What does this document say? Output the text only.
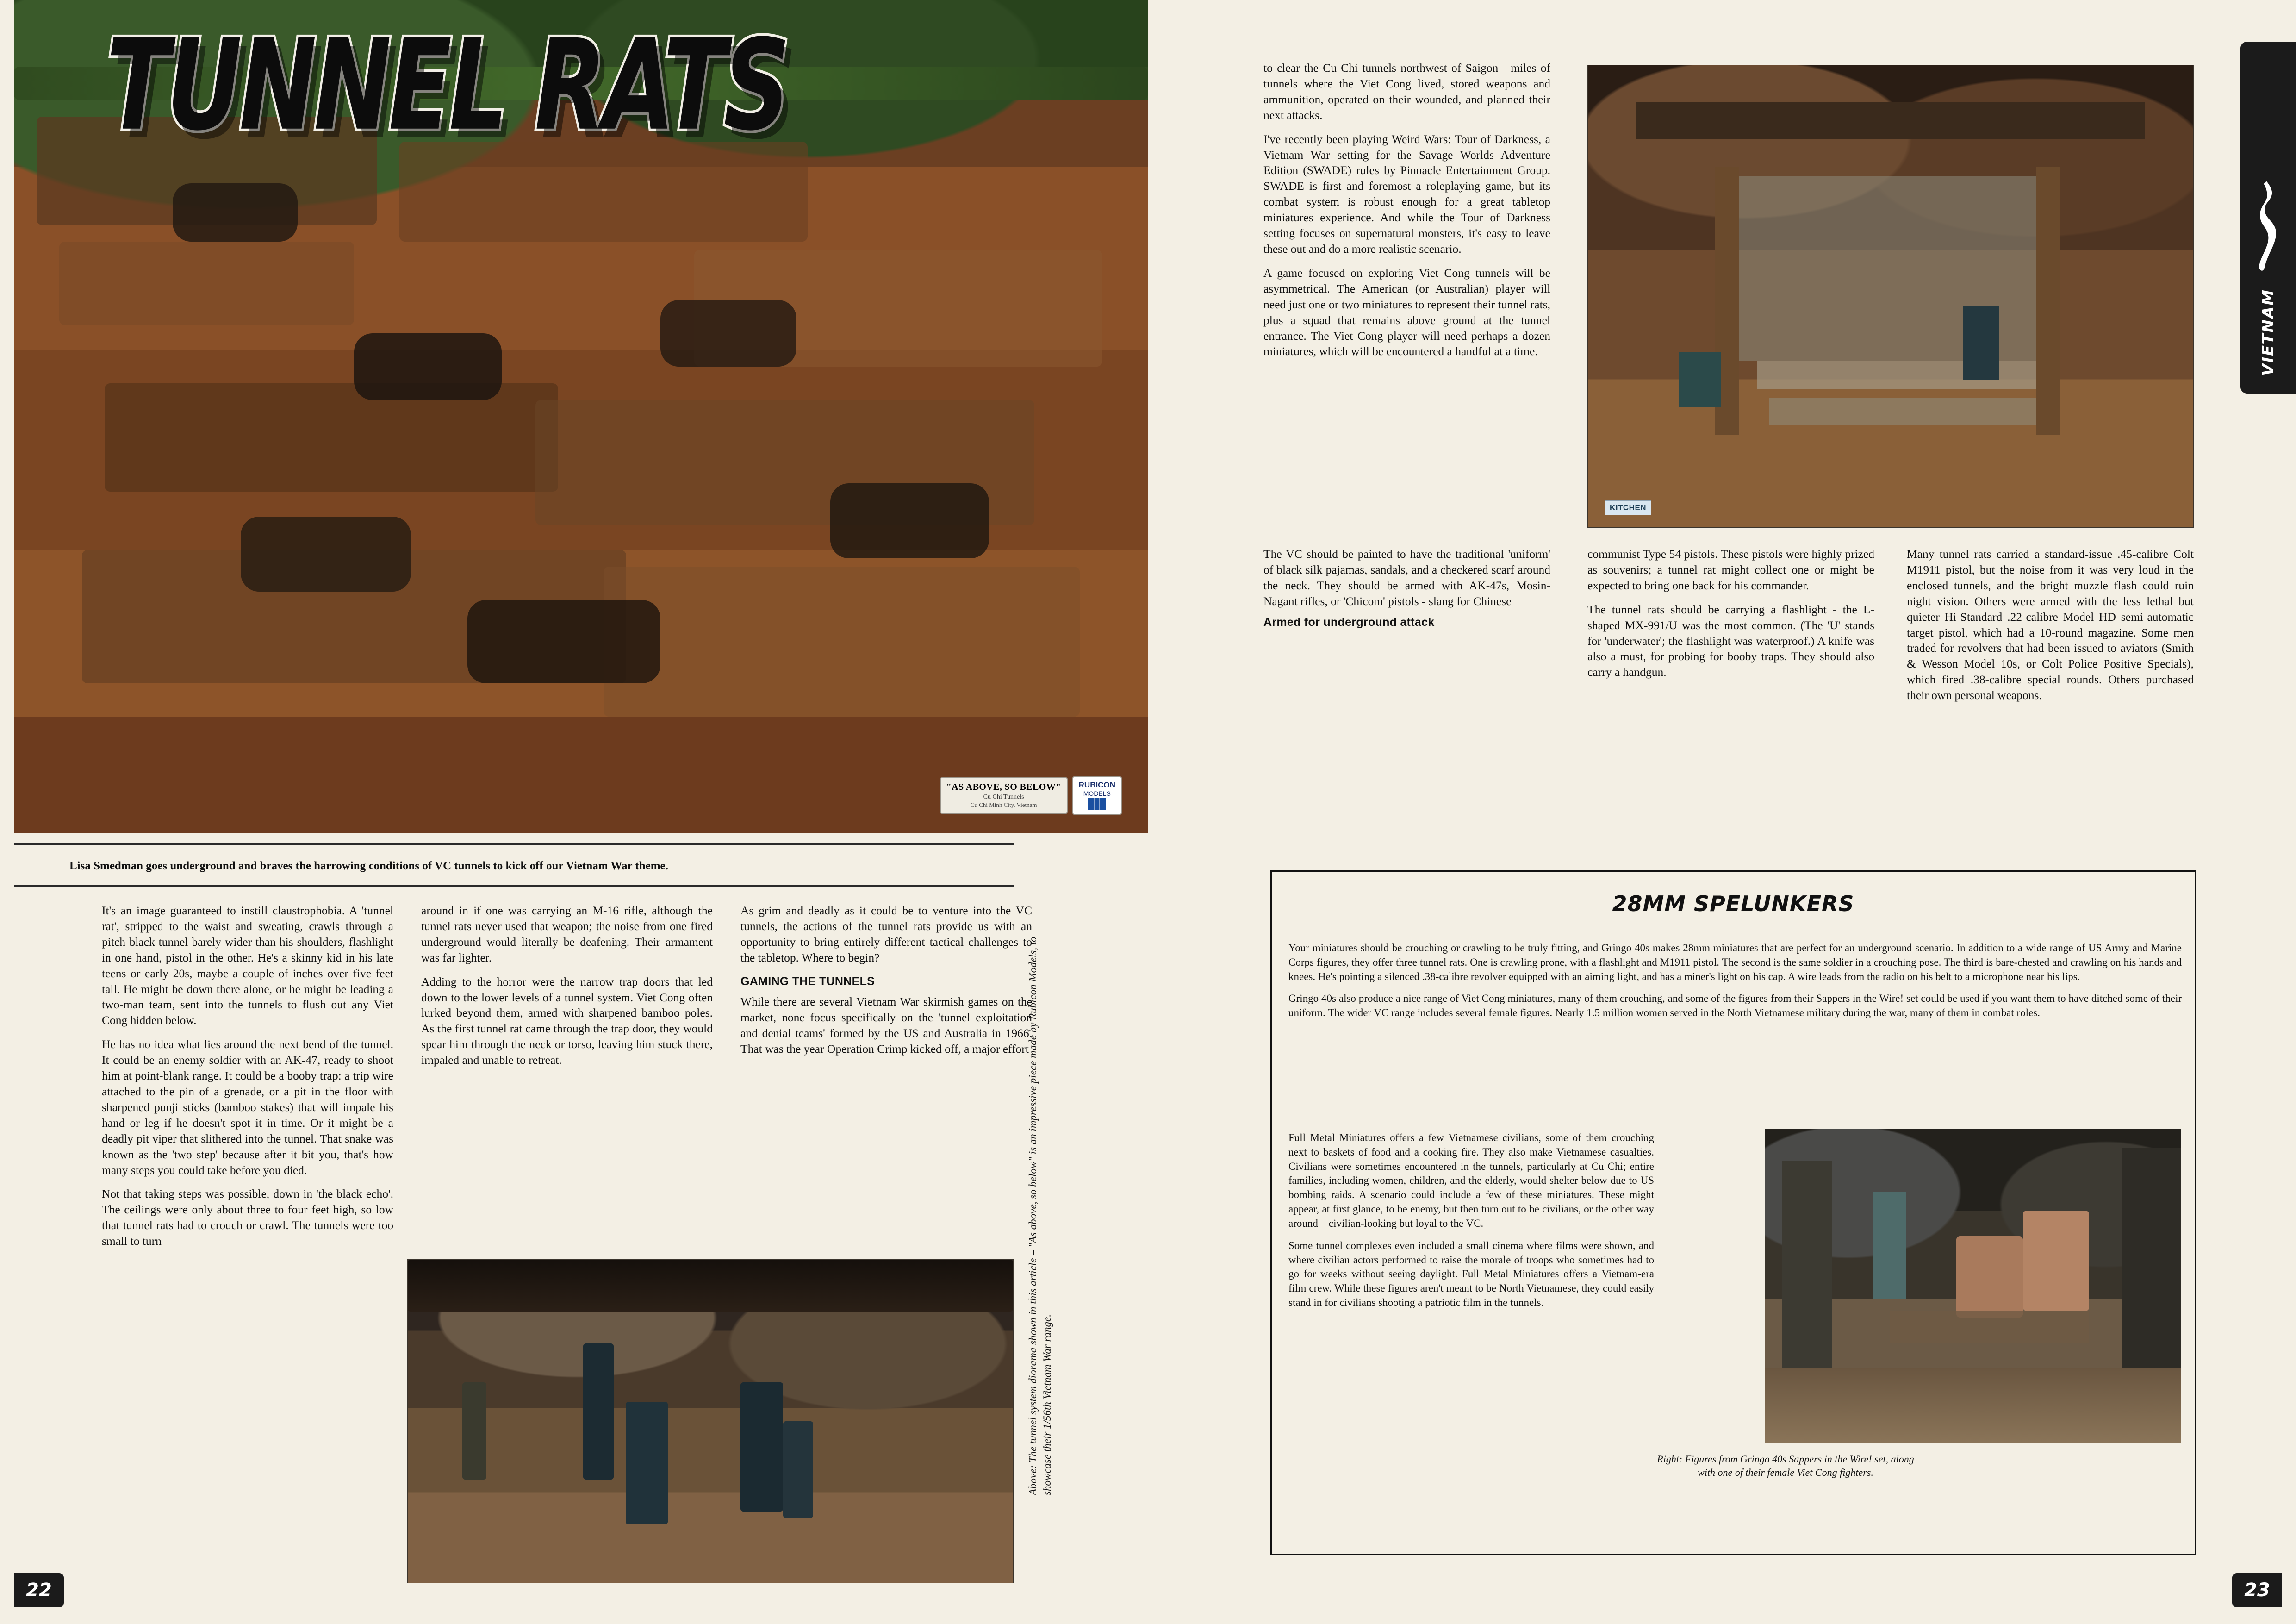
TUNNEL RATS
"AS ABOVE, SO BELOW"
Cu Chi Tunnels
Cu Chi Minh City, Vietnam
RUBICON
MODELS
Lisa Smedman goes underground and braves the harrowing conditions of VC tunnels to kick off our Vietnam War theme.

It's an image guaranteed to instill claustrophobia. A 'tunnel rat', stripped to the waist and sweating, crawls through a pitch-black tunnel barely wider than his shoulders, flashlight in one hand, pistol in the other. He's a skinny kid in his late teens or early 20s, maybe a couple of inches over five feet tall. He might be down there alone, or he might be leading a two-man team, sent into the tunnels to flush out any Viet Cong hidden below.

He has no idea what lies around the next bend of the tunnel. It could be an enemy soldier with an AK-47, ready to shoot him at point-blank range. It could be a booby trap: a trip wire attached to the pin of a grenade, or a pit in the floor with sharpened punji sticks (bamboo stakes) that will impale his hand or leg if he doesn't spot it in time. Or it might be a deadly pit viper that slithered into the tunnel. That snake was known as the 'two step' because after it bit you, that's how many steps you could take before you died.

Not that taking steps was possible, down in 'the black echo'. The ceilings were only about three to four feet high, so low that tunnel rats had to crouch or crawl. The tunnels were too small to turn

around in if one was carrying an M-16 rifle, although the tunnel rats never used that weapon; the noise from one fired underground would literally be deafening. Their armament was far lighter.

Adding to the horror were the narrow trap doors that led down to the lower levels of a tunnel system. Viet Cong often lurked beyond them, armed with sharpened bamboo poles. As the first tunnel rat came through the trap door, they would spear him through the neck or torso, leaving him stuck there, impaled and unable to retreat.

As grim and deadly as it could be to venture into the VC tunnels, the actions of the tunnel rats provide us with an opportunity to bring entirely different tactical challenges to the tabletop. Where to begin?

GAMING THE TUNNELS

While there are several Vietnam War skirmish games on the market, none focus specifically on the 'tunnel exploitation and denial teams' formed by the US and Australia in 1966. That was the year Operation Crimp kicked off, a major effort

Above: The tunnel system diorama shown in this article – "As above, so below" is an impressive piece made by Rubicon Models, to showcase their 1/56th Vietnam War range.

to clear the Cu Chi tunnels northwest of Saigon - miles of tunnels where the Viet Cong lived, stored weapons and ammunition, operated on their wounded, and planned their next attacks.

I've recently been playing Weird Wars: Tour of Darkness, a Vietnam War setting for the Savage Worlds Adventure Edition (SWADE) rules by Pinnacle Entertainment Group. SWADE is first and foremost a roleplaying game, but its combat system is robust enough for a great tabletop miniatures experience. And while the Tour of Darkness setting focuses on supernatural monsters, it's easy to leave these out and do a more realistic scenario.

A game focused on exploring Viet Cong tunnels will be asymmetrical. The American (or Australian) player will need just one or two miniatures to represent their tunnel rats, plus a squad that remains above ground at the tunnel entrance. The Viet Cong player will need perhaps a dozen miniatures, which will be encountered a handful at a time.

KITCHEN

The VC should be painted to have the traditional 'uniform' of black silk pajamas, sandals, and a checkered scarf around the neck. They should be armed with AK-47s, Mosin-Nagant rifles, or 'Chicom' pistols - slang for Chinese

Armed for underground attack

communist Type 54 pistols. These pistols were highly prized as souvenirs; a tunnel rat might collect one or might be expected to bring one back for his commander.

The tunnel rats should be carrying a flashlight - the L-shaped MX-991/U was the most common. (The 'U' stands for 'underwater'; the flashlight was waterproof.) A knife was also a must, for probing for booby traps. They should also carry a handgun.

Many tunnel rats carried a standard-issue .45-calibre Colt M1911 pistol, but the noise from it was very loud in the enclosed tunnels, and the bright muzzle flash could ruin night vision. Others were armed with the less lethal but quieter Hi-Standard .22-calibre Model HD semi-automatic target pistol, which had a 10-round magazine. Some men traded for revolvers that had been issued to aviators (Smith & Wesson Model 10s, or Colt Police Positive Specials), which fired .38-calibre special rounds. Others purchased their own personal weapons.

28MM SPELUNKERS

Your miniatures should be crouching or crawling to be truly fitting, and Gringo 40s makes 28mm miniatures that are perfect for an underground scenario. In addition to a wide range of US Army and Marine Corps figures, they offer three tunnel rats. One is crawling prone, with a flashlight and M1911 pistol. The second is the same soldier in a crouching pose. The third is bare-chested and crawling on his hands and knees. He's pointing a silenced .38-calibre revolver equipped with an aiming light, and has a miner's light on his cap. A wire leads from the radio on his belt to a microphone near his lips.

Gringo 40s also produce a nice range of Viet Cong miniatures, many of them crouching, and some of the figures from their Sappers in the Wire! set could be used if you want them to have ditched some of their uniform. The wider VC range includes several female figures. Nearly 1.5 million women served in the North Vietnamese military during the war, many of them in combat roles.

Full Metal Miniatures offers a few Vietnamese civilians, some of them crouching next to baskets of food and a cooking fire. They also make Vietnamese casualties. Civilians were sometimes encountered in the tunnels, particularly at Cu Chi; entire families, including women, children, and the elderly, would shelter below due to US bombing raids. A scenario could include a few of these miniatures. These might appear, at first glance, to be enemy, but then turn out to be civilians, or the other way around – civilian-looking but loyal to the VC.

Some tunnel complexes even included a small cinema where films were shown, and where civilian actors performed to raise the morale of troops who sometimes had to go for weeks without seeing daylight. Full Metal Miniatures offers a Vietnam-era film crew. While these figures aren't meant to be North Vietnamese, they could easily stand in for civilians shooting a patriotic film in the tunnels.

Right: Figures from Gringo 40s Sappers in the Wire! set, along with one of their female Viet Cong fighters.
VIETNAM
22	23
